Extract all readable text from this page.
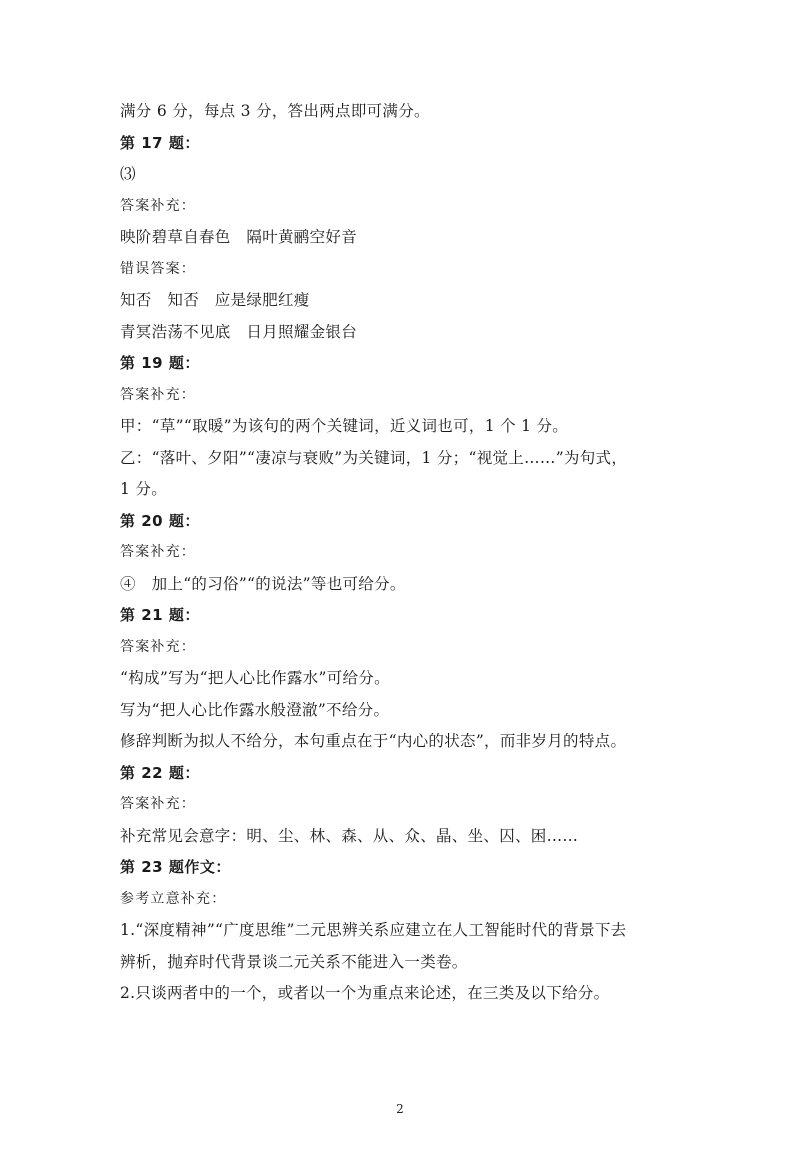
满分 6 分，每点 3 分，答出两点即可满分。
第 17 题：
⑶
答案补充：
映阶碧草自春色　隔叶黄鹂空好音
错误答案：
知否　知否　应是绿肥红瘦
青冥浩荡不见底　日月照耀金银台
第 19 题：
答案补充：
甲：“草”“取暖”为该句的两个关键词，近义词也可，1 个 1 分。
乙：“落叶、夕阳”“凄凉与衰败”为关键词，1 分；“视觉上……”为句式，
1 分。
第 20 题：
答案补充：
④　加上“的习俗”“的说法”等也可给分。
第 21 题：
答案补充：
“构成”写为“把人心比作露水”可给分。
写为“把人心比作露水般澄澈”不给分。
修辞判断为拟人不给分，本句重点在于“内心的状态”，而非岁月的特点。
第 22 题：
答案补充：
补充常见会意字：明、尘、林、森、从、众、晶、坐、囚、困……
第 23 题作文：
参考立意补充：
1.“深度精神”“广度思维”二元思辨关系应建立在人工智能时代的背景下去
辨析，抛弃时代背景谈二元关系不能进入一类卷。
2.只谈两者中的一个，或者以一个为重点来论述，在三类及以下给分。
2
